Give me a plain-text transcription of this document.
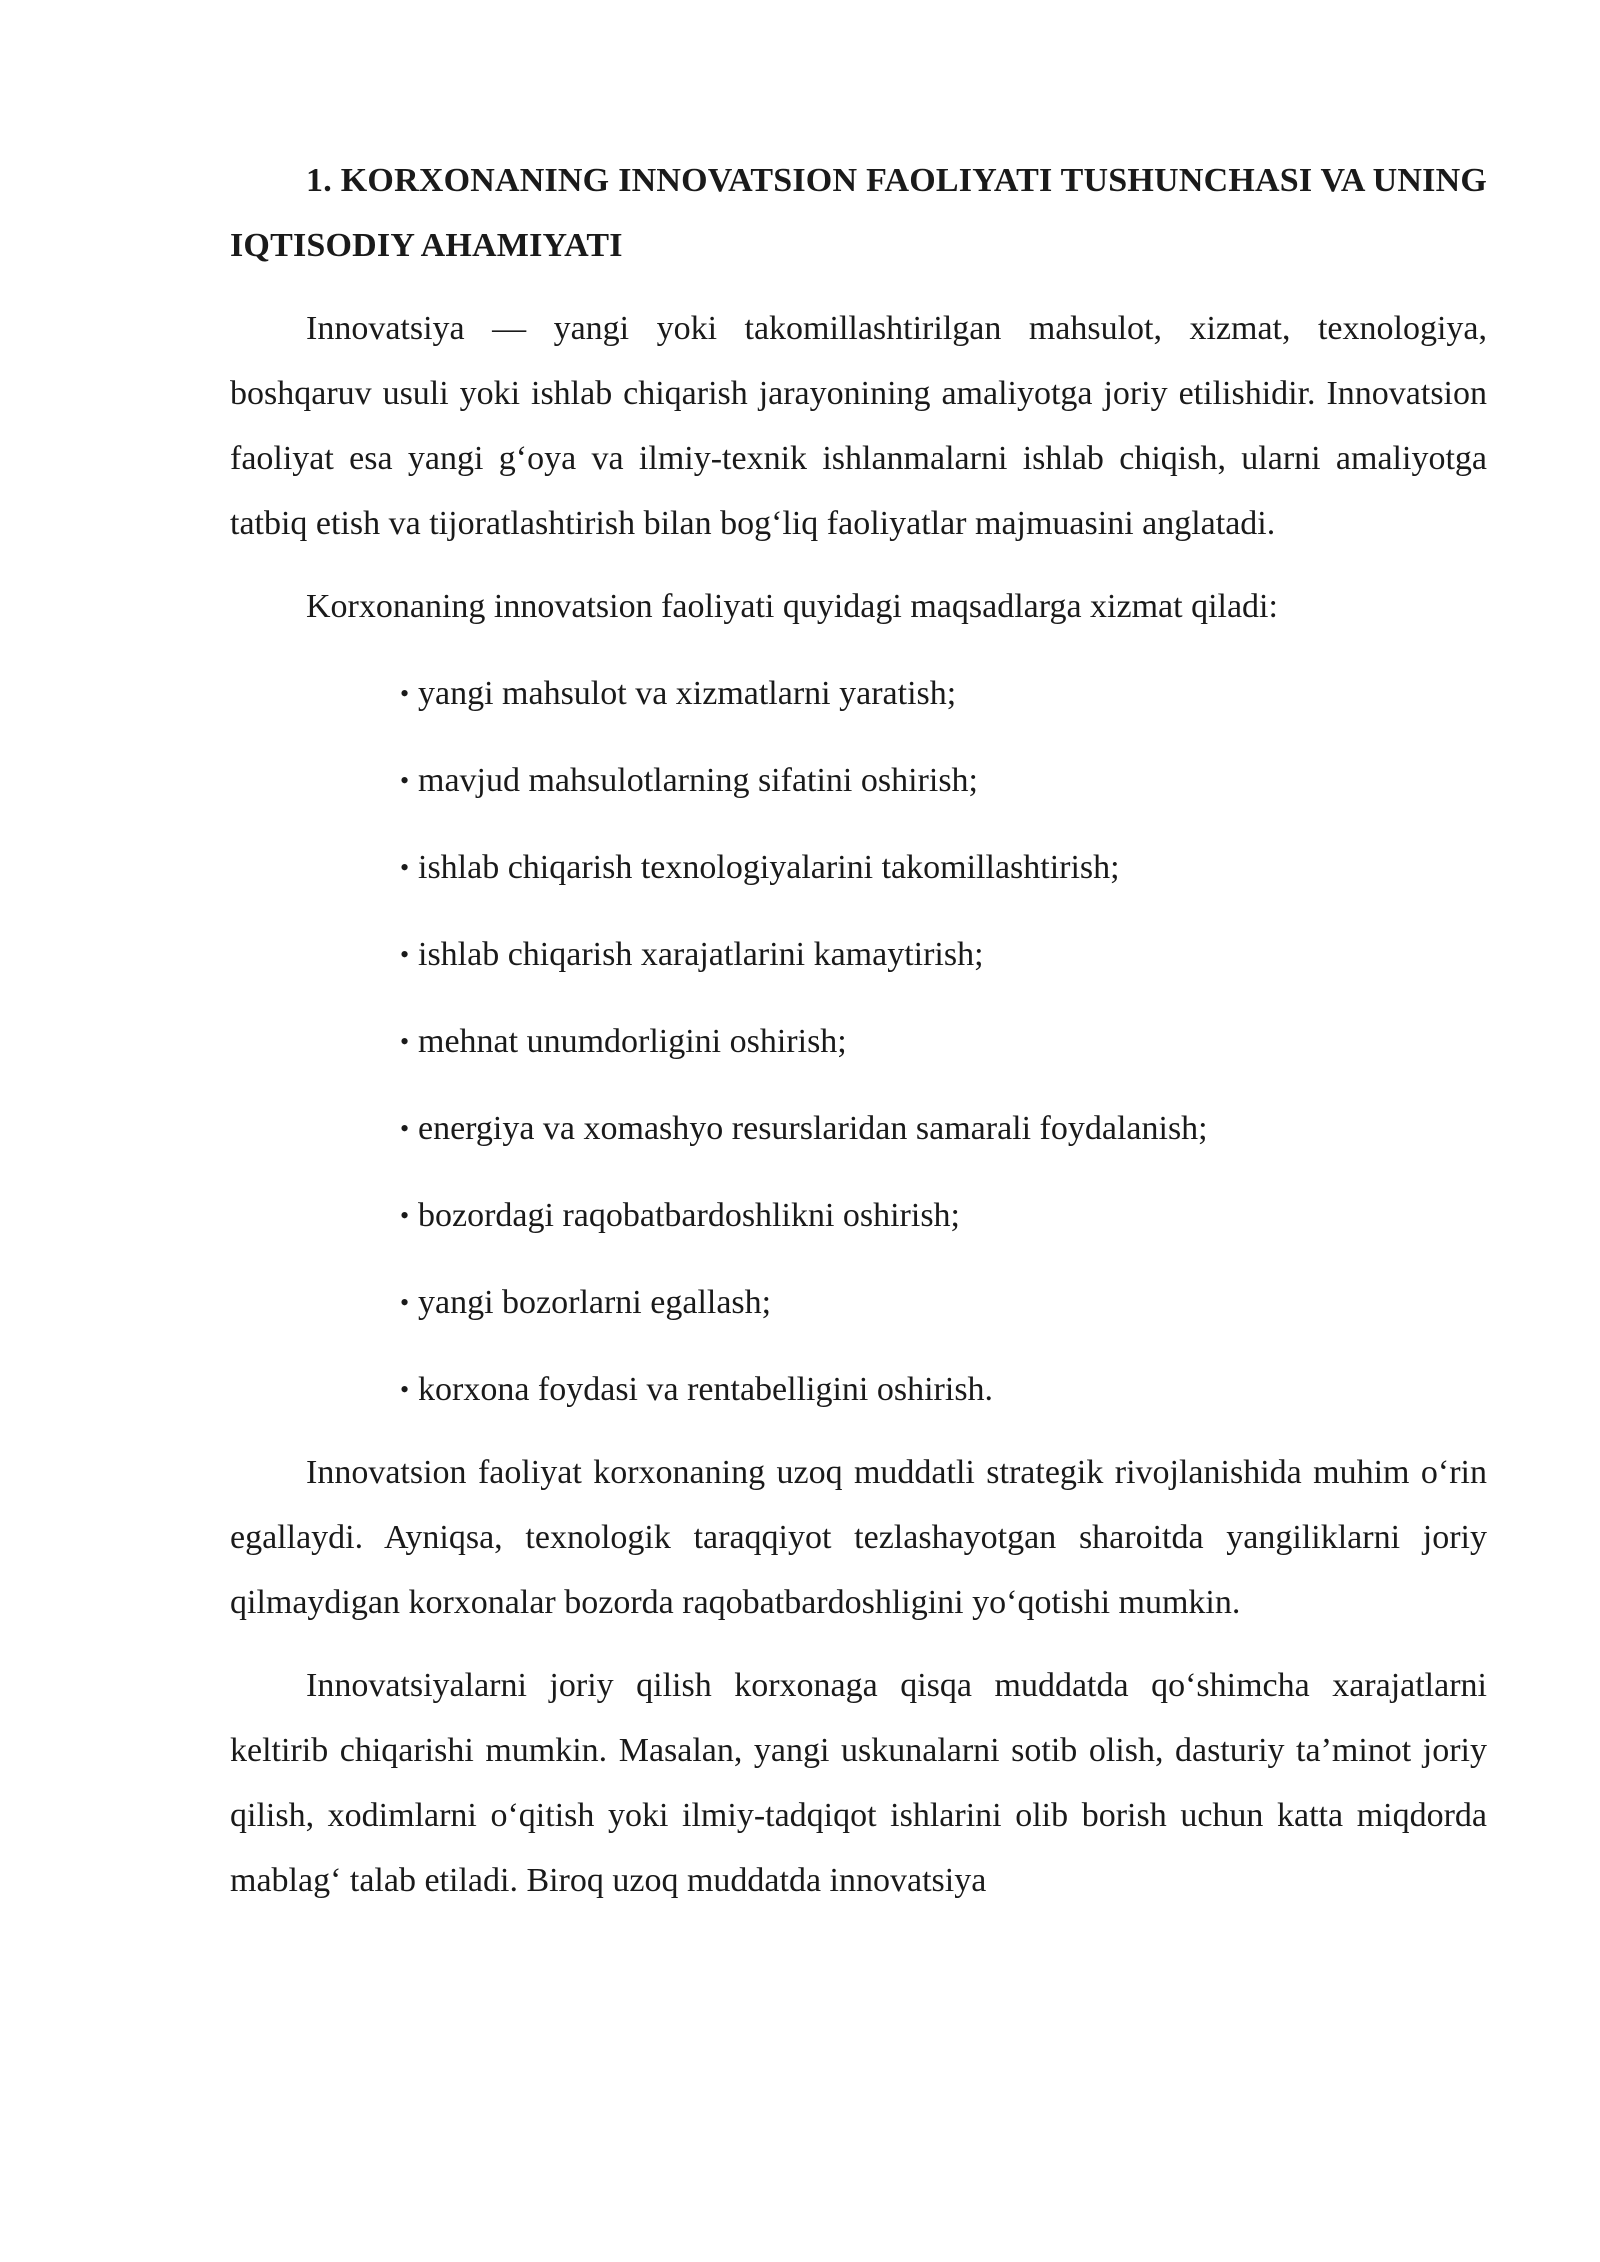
1. KORXONANING INNOVATSION FAOLIYATI TUSHUNCHASI VA UNING IQTISODIY AHAMIYATI

Innovatsiya — yangi yoki takomillashtirilgan mahsulot, xizmat, texnologiya, boshqaruv usuli yoki ishlab chiqarish jarayonining amaliyotga joriy etilishidir. Innovatsion faoliyat esa yangi g‘oya va ilmiy-texnik ishlanmalarni ishlab chiqish, ularni amaliyotga tatbiq etish va tijoratlashtirish bilan bog‘liq faoliyatlar majmuasini anglatadi.

Korxonaning innovatsion faoliyati quyidagi maqsadlarga xizmat qiladi:

• yangi mahsulot va xizmatlarni yaratish;
• mavjud mahsulotlarning sifatini oshirish;
• ishlab chiqarish texnologiyalarini takomillashtirish;
• ishlab chiqarish xarajatlarini kamaytirish;
• mehnat unumdorligini oshirish;
• energiya va xomashyo resurslaridan samarali foydalanish;
• bozordagi raqobatbardoshlikni oshirish;
• yangi bozorlarni egallash;
• korxona foydasi va rentabelligini oshirish.

Innovatsion faoliyat korxonaning uzoq muddatli strategik rivojlanishida muhim o‘rin egallaydi. Ayniqsa, texnologik taraqqiyot tezlashayotgan sharoitda yangiliklarni joriy qilmaydigan korxonalar bozorda raqobatbardoshligini yo‘qotishi mumkin.

Innovatsiyalarni joriy qilish korxonaga qisqa muddatda qo‘shimcha xarajatlarni keltirib chiqarishi mumkin. Masalan, yangi uskunalarni sotib olish, dasturiy ta’minot joriy qilish, xodimlarni o‘qitish yoki ilmiy-tadqiqot ishlarini olib borish uchun katta miqdorda mablag‘ talab etiladi. Biroq uzoq muddatda innovatsiya
